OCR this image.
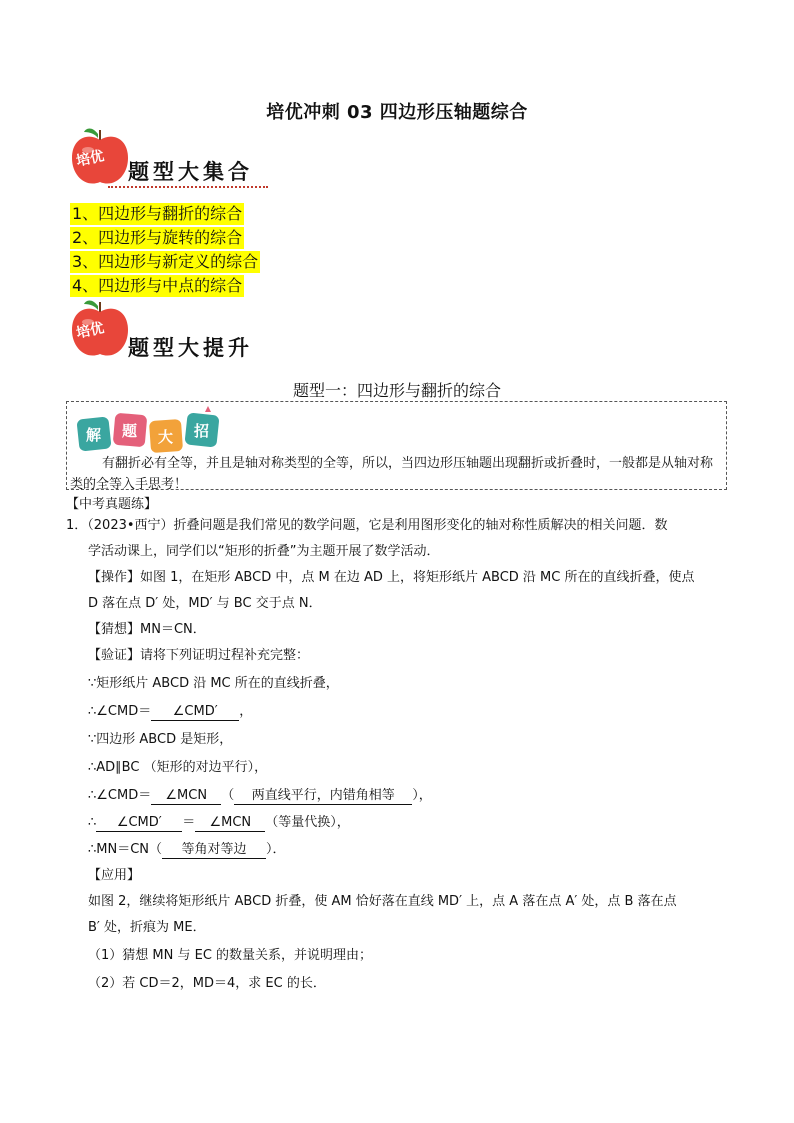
培优冲刺 03 四边形压轴题综合
培优
题型大集合
1、四边形与翻折的综合
2、四边形与旋转的综合
3、四边形与新定义的综合
4、四边形与中点的综合
培优
题型大提升
题型一：四边形与翻折的综合
解 题 大 招
有翻折必有全等，并且是轴对称类型的全等，所以，当四边形压轴题出现翻折或折叠时，一般都是从轴对称类的全等入手思考！
【中考真题练】
1．（2023•西宁）折叠问题是我们常见的数学问题，它是利用图形变化的轴对称性质解决的相关问题．数
学活动课上，同学们以“矩形的折叠”为主题开展了数学活动．
【操作】如图 1，在矩形 ABCD 中，点 M 在边 AD 上，将矩形纸片 ABCD 沿 MC 所在的直线折叠，使点
D 落在点 D′ 处，MD′ 与 BC 交于点 N．
【猜想】MN＝CN．
【验证】请将下列证明过程补充完整：
∵矩形纸片 ABCD 沿 MC 所在的直线折叠，
∴∠CMD＝ ∠CMD′ ，
∵四边形 ABCD 是矩形，
∴AD∥BC （矩形的对边平行），
∴∠CMD＝ ∠MCN （ 两直线平行，内错角相等 ），
∴ ∠CMD′ ＝ ∠MCN （等量代换），
∴MN＝CN（ 等角对等边 ）．
【应用】
如图 2，继续将矩形纸片 ABCD 折叠，使 AM 恰好落在直线 MD′ 上，点 A 落在点 A′ 处，点 B 落在点
B′ 处，折痕为 ME．
（1）猜想 MN 与 EC 的数量关系，并说明理由；
（2）若 CD＝2，MD＝4，求 EC 的长．
